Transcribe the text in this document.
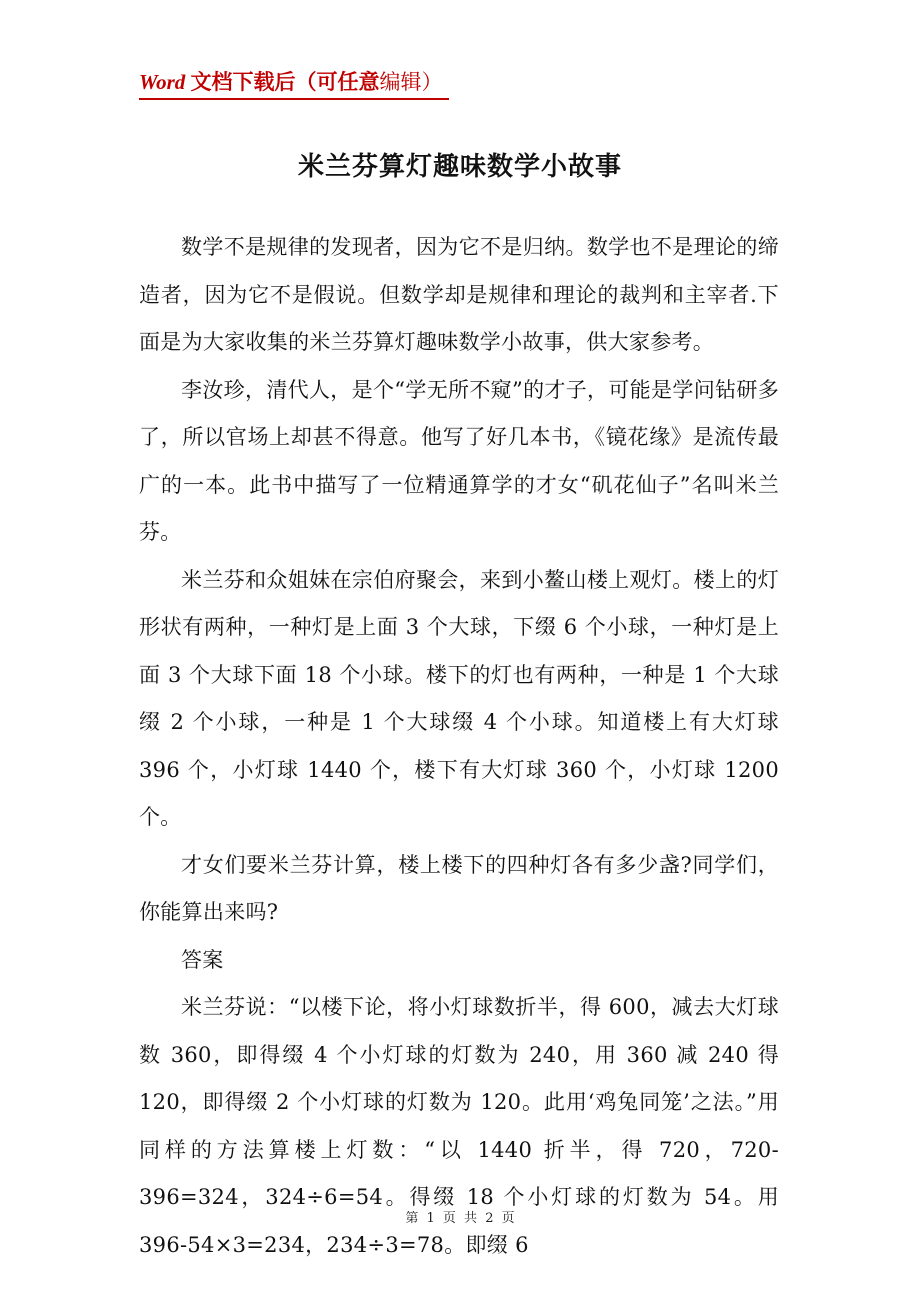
Word 文档下载后（可任意编辑）
米兰芬算灯趣味数学小故事

数学不是规律的发现者，因为它不是归纳。数学也不是理论的缔造者，因为它不是假说。但数学却是规律和理论的裁判和主宰者.下面是为大家收集的米兰芬算灯趣味数学小故事，供大家参考。

李汝珍，清代人，是个“学无所不窥”的才子，可能是学问钻研多了，所以官场上却甚不得意。他写了好几本书，《镜花缘》是流传最广的一本。此书中描写了一位精通算学的才女“矶花仙子”名叫米兰芬。

米兰芬和众姐妹在宗伯府聚会，来到小鳌山楼上观灯。楼上的灯形状有两种，一种灯是上面 3 个大球，下缀 6 个小球，一种灯是上面 3 个大球下面 18 个小球。楼下的灯也有两种，一种是 1 个大球缀 2 个小球，一种是 1 个大球缀 4 个小球。知道楼上有大灯球 396 个，小灯球 1440 个，楼下有大灯球 360 个，小灯球 1200 个。

才女们要米兰芬计算，楼上楼下的四种灯各有多少盏?同学们，你能算出来吗?

答案

米兰芬说：“以楼下论，将小灯球数折半，得 600，减去大灯球数 360，即得缀 4 个小灯球的灯数为 240，用 360 减 240 得 120，即得缀 2 个小灯球的灯数为 120。此用‘鸡兔同笼’之法。”用同样的方法算楼上灯数：“以 1440 折半，得 720，720-396=324，324÷6=54。得缀 18 个小灯球的灯数为 54。用 396-54×3=234，234÷3=78。即缀 6

第 1 页 共 2 页
